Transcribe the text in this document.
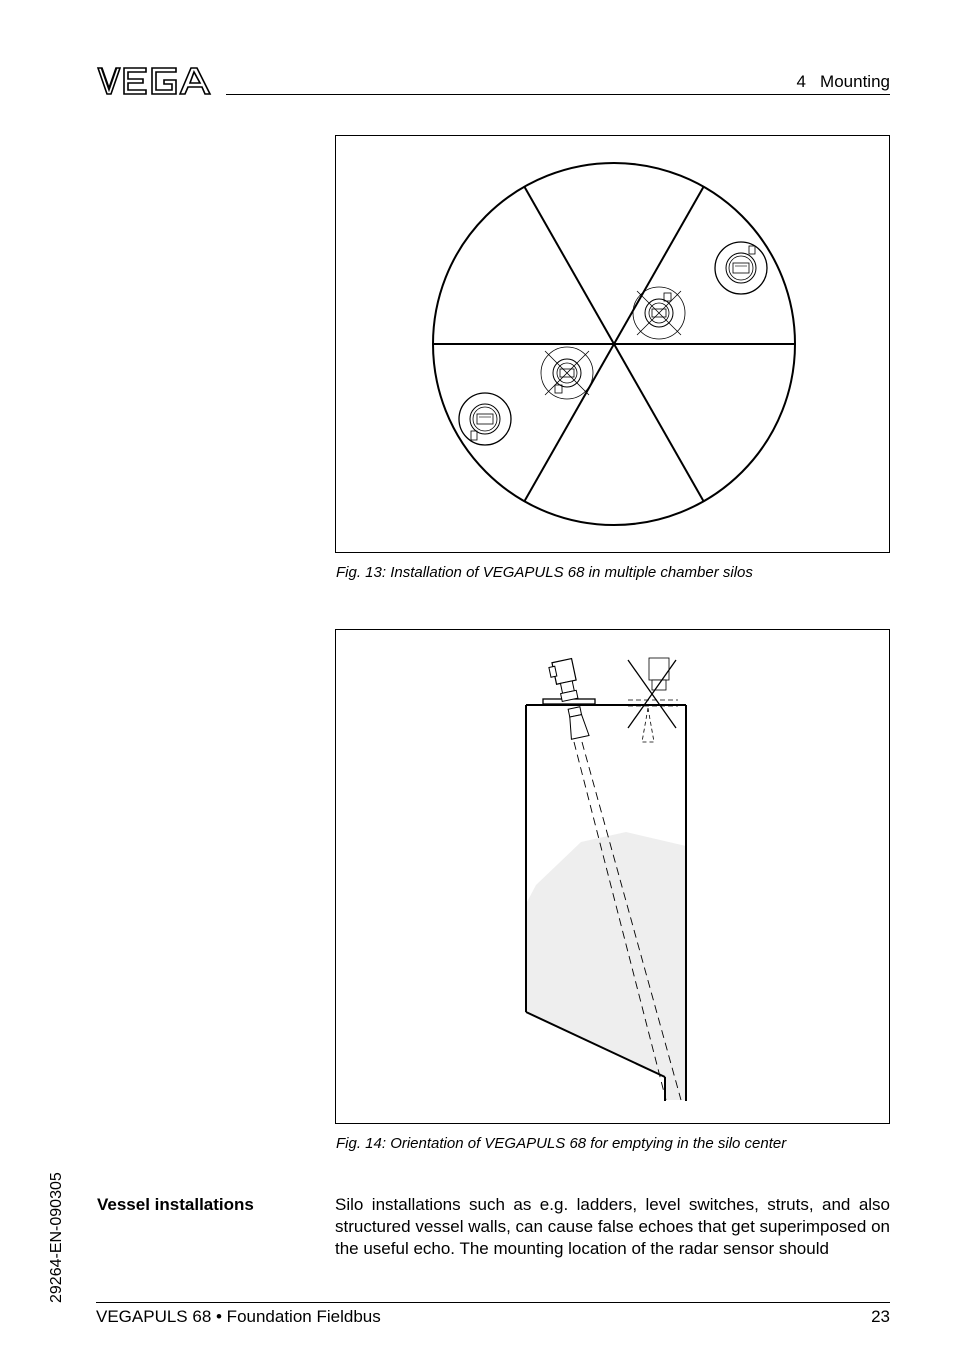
4   Mounting
Fig. 13: Installation of VEGAPULS 68 in multiple chamber silos
Fig. 14: Orientation of VEGAPULS 68 for emptying in the silo center
Vessel installations	Silo installations such as e.g. ladders, level switches, struts, and also structured vessel walls, can cause false echoes that get superimposed on the useful echo. The mounting location of the radar sensor should

29264-EN-090305
VEGAPULS 68 • Foundation Fieldbus	23
